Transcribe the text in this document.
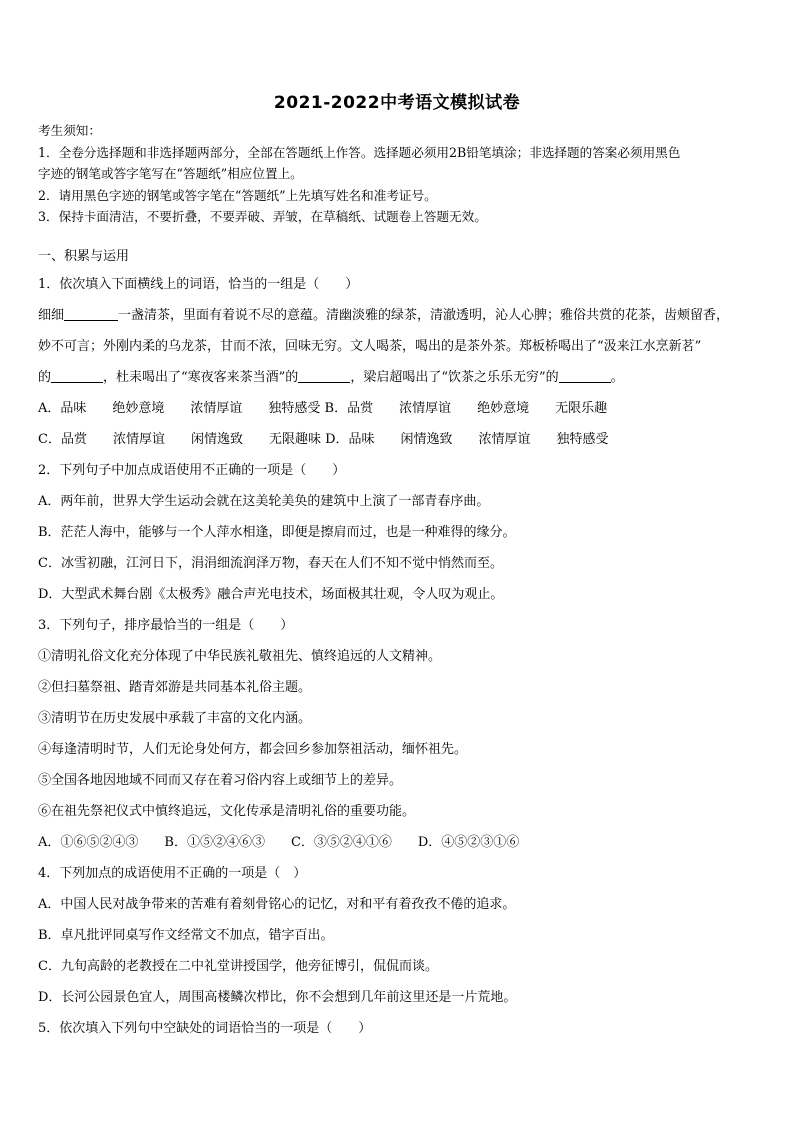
2021-2022中考语文模拟试卷
考生须知：
1．全卷分选择题和非选择题两部分，全部在答题纸上作答。选择题必须用2B铅笔填涂；非选择题的答案必须用黑色
字迹的钢笔或答字笔写在“答题纸”相应位置上。
2．请用黑色字迹的钢笔或答字笔在“答题纸”上先填写姓名和准考证号。
3．保持卡面清洁，不要折叠，不要弄破、弄皱，在草稿纸、试题卷上答题无效。
一、积累与运用
1．依次填入下面横线上的词语，恰当的一组是（　　）
细细	一盏清茶，里面有着说不尽的意蕴。清幽淡雅的绿茶，清澈透明，沁人心脾；雅俗共赏的花茶，齿颊留香，
妙不可言；外刚内柔的乌龙茶，甘而不浓，回味无穷。文人喝茶，喝出的是茶外茶。郑板桥喝出了“汲来江水烹新茗”
的	，杜耒喝出了“寒夜客来茶当酒”的	，梁启超喝出了“饮茶之乐乐无穷”的	。
A．品味　　绝妙意境　　浓情厚谊　　独特感受 B．品赏　　浓情厚谊　　绝妙意境　　无限乐趣
C．品赏　　浓情厚谊　　闲情逸致　　无限趣味 D．品味　　闲情逸致　　浓情厚谊　　独特感受
2．下列句子中加点成语使用不正确的一项是（　　）
A．两年前，世界大学生运动会就在这美轮美奂的建筑中上演了一部青春序曲。
B．茫茫人海中，能够与一个人萍水相逢，即便是擦肩而过，也是一种难得的缘分。
C．冰雪初融，江河日下，涓涓细流润泽万物，春天在人们不知不觉中悄然而至。
D．大型武术舞台剧《太极秀》融合声光电技术，场面极其壮观，令人叹为观止。
3．下列句子，排序最恰当的一组是（　　）
①清明礼俗文化充分体现了中华民族礼敬祖先、慎终追远的人文精神。
②但扫墓祭祖、踏青郊游是共同基本礼俗主题。
③清明节在历史发展中承载了丰富的文化内涵。
④每逢清明时节，人们无论身处何方，都会回乡参加祭祖活动，缅怀祖先。
⑤全国各地因地域不同而又存在着习俗内容上或细节上的差异。
⑥在祖先祭祀仪式中慎终追远，文化传承是清明礼俗的重要功能。
A．①⑥⑤②④③　　B．①⑤②④⑥③　　C．③⑤②④①⑥　　D．④⑤②③①⑥
4．下列加点的成语使用不正确的一项是（　）
A．中国人民对战争带来的苦难有着刻骨铭心的记忆，对和平有着孜孜不倦的追求。
B．卓凡批评同桌写作文经常文不加点，错字百出。
C．九旬高龄的老教授在二中礼堂讲授国学，他旁征博引，侃侃而谈。
D．长河公园景色宜人，周围高楼鳞次栉比，你不会想到几年前这里还是一片荒地。
5．依次填入下列句中空缺处的词语恰当的一项是（　　）
